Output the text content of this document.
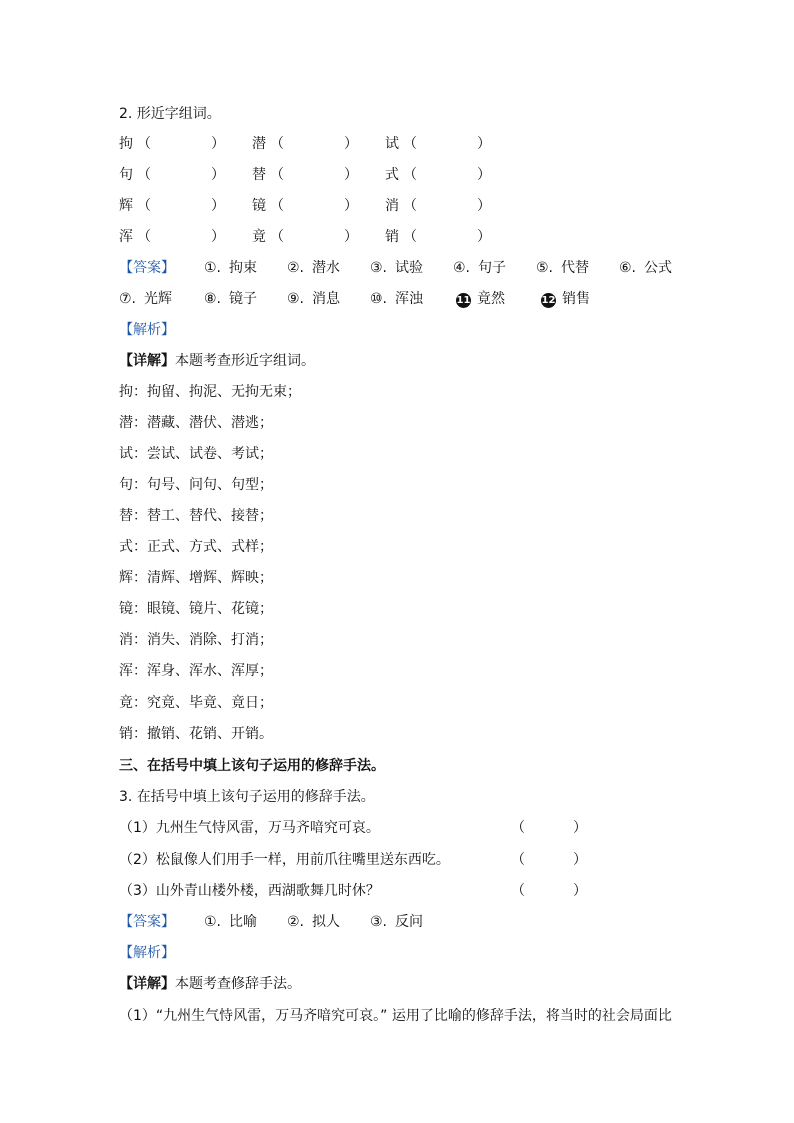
2. 形近字组词。
拘 （	） 潜 （	） 试 （	）
句 （	） 替 （	） 式 （	）
辉 （	） 镜 （	） 消 （	）
浑 （	） 竟 （	） 销 （	）
【答案】 ①. 拘束 ②. 潜水 ③. 试验 ④. 句子 ⑤. 代替 ⑥. 公式
⑦. 光辉 ⑧. 镜子 ⑨. 消息 ⑩. 浑浊	11 竟然	12 销售
【解析】
【详解】本题考查形近字组词。
拘：拘留、拘泥、无拘无束；
潜：潜藏、潜伏、潜逃；
试：尝试、试卷、考试；
句：句号、问句、句型；
替：替工、替代、接替；
式：正式、方式、式样；
辉：清辉、增辉、辉映；
镜：眼镜、镜片、花镜；
消：消失、消除、打消；
浑：浑身、浑水、浑厚；
竟：究竟、毕竟、竟日；
销：撤销、花销、开销。
三、在括号中填上该句子运用的修辞手法。
3. 在括号中填上该句子运用的修辞手法。
（1）九州生气恃风雷，万马齐喑究可哀。	（	）
（2）松鼠像人们用手一样，用前爪往嘴里送东西吃。	（	）
（3）山外青山楼外楼，西湖歌舞几时休？	（	）
【答案】 ①. 比喻 ②. 拟人 ③. 反问
【解析】
【详解】本题考查修辞手法。
（1）“九州生气恃风雷，万马齐喑究可哀。” 运用了比喻的修辞手法，将当时的社会局面比
